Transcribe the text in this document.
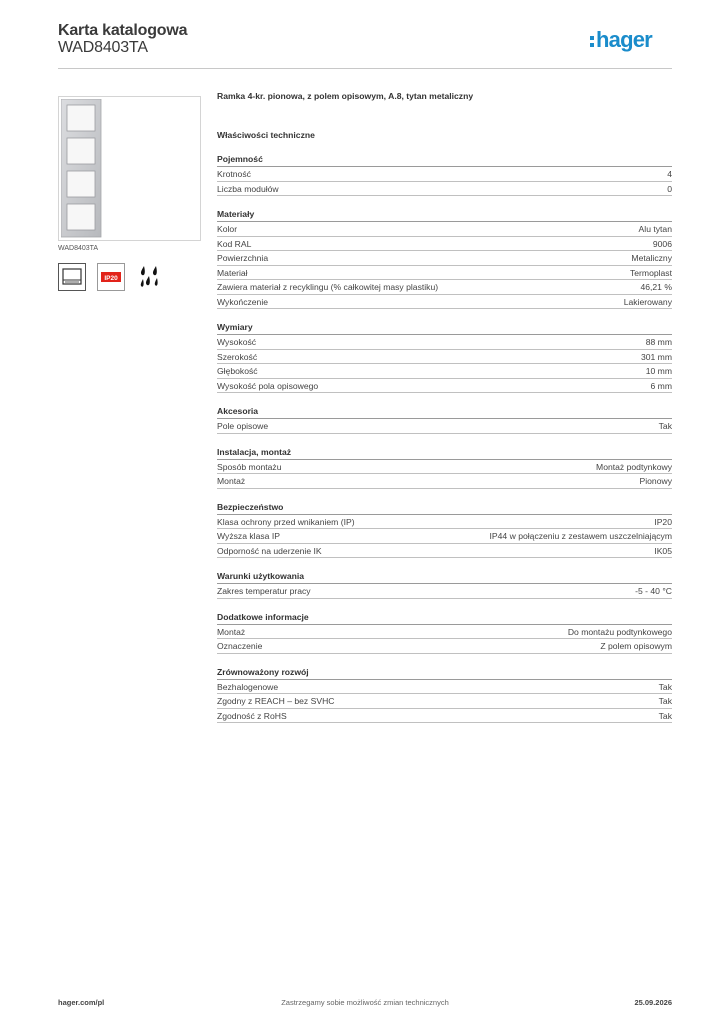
Karta katalogowa
WAD8403TA	hager
WAD8403TA
IP20
Ramka 4-kr. pionowa, z polem opisowym, A.8, tytan metaliczny
Właściwości techniczne
Pojemność
Krotność	4
Liczba modułów	0
Materiały
Kolor	Alu tytan
Kod RAL	9006
Powierzchnia	Metaliczny
Materiał	Termoplast
Zawiera materiał z recyklingu (% całkowitej masy plastiku)	46,21 %
Wykończenie	Lakierowany
Wymiary
Wysokość	88 mm
Szerokość	301 mm
Głębokość	10 mm
Wysokość pola opisowego	6 mm
Akcesoria
Pole opisowe	Tak
Instalacja, montaż
Sposób montażu	Montaż podtynkowy
Montaż	Pionowy
Bezpieczeństwo
Klasa ochrony przed wnikaniem (IP)	IP20
Wyższa klasa IP	IP44 w połączeniu z zestawem uszczelniającym
Odporność na uderzenie IK	IK05
Warunki użytkowania
Zakres temperatur pracy	-5 - 40 °C
Dodatkowe informacje
Montaż	Do montażu podtynkowego
Oznaczenie	Z polem opisowym
Zrównoważony rozwój
Bezhalogenowe	Tak
Zgodny z REACH – bez SVHC	Tak
Zgodność z RoHS	Tak
hager.com/pl	Zastrzegamy sobie możliwość zmian technicznych	25.09.2026
